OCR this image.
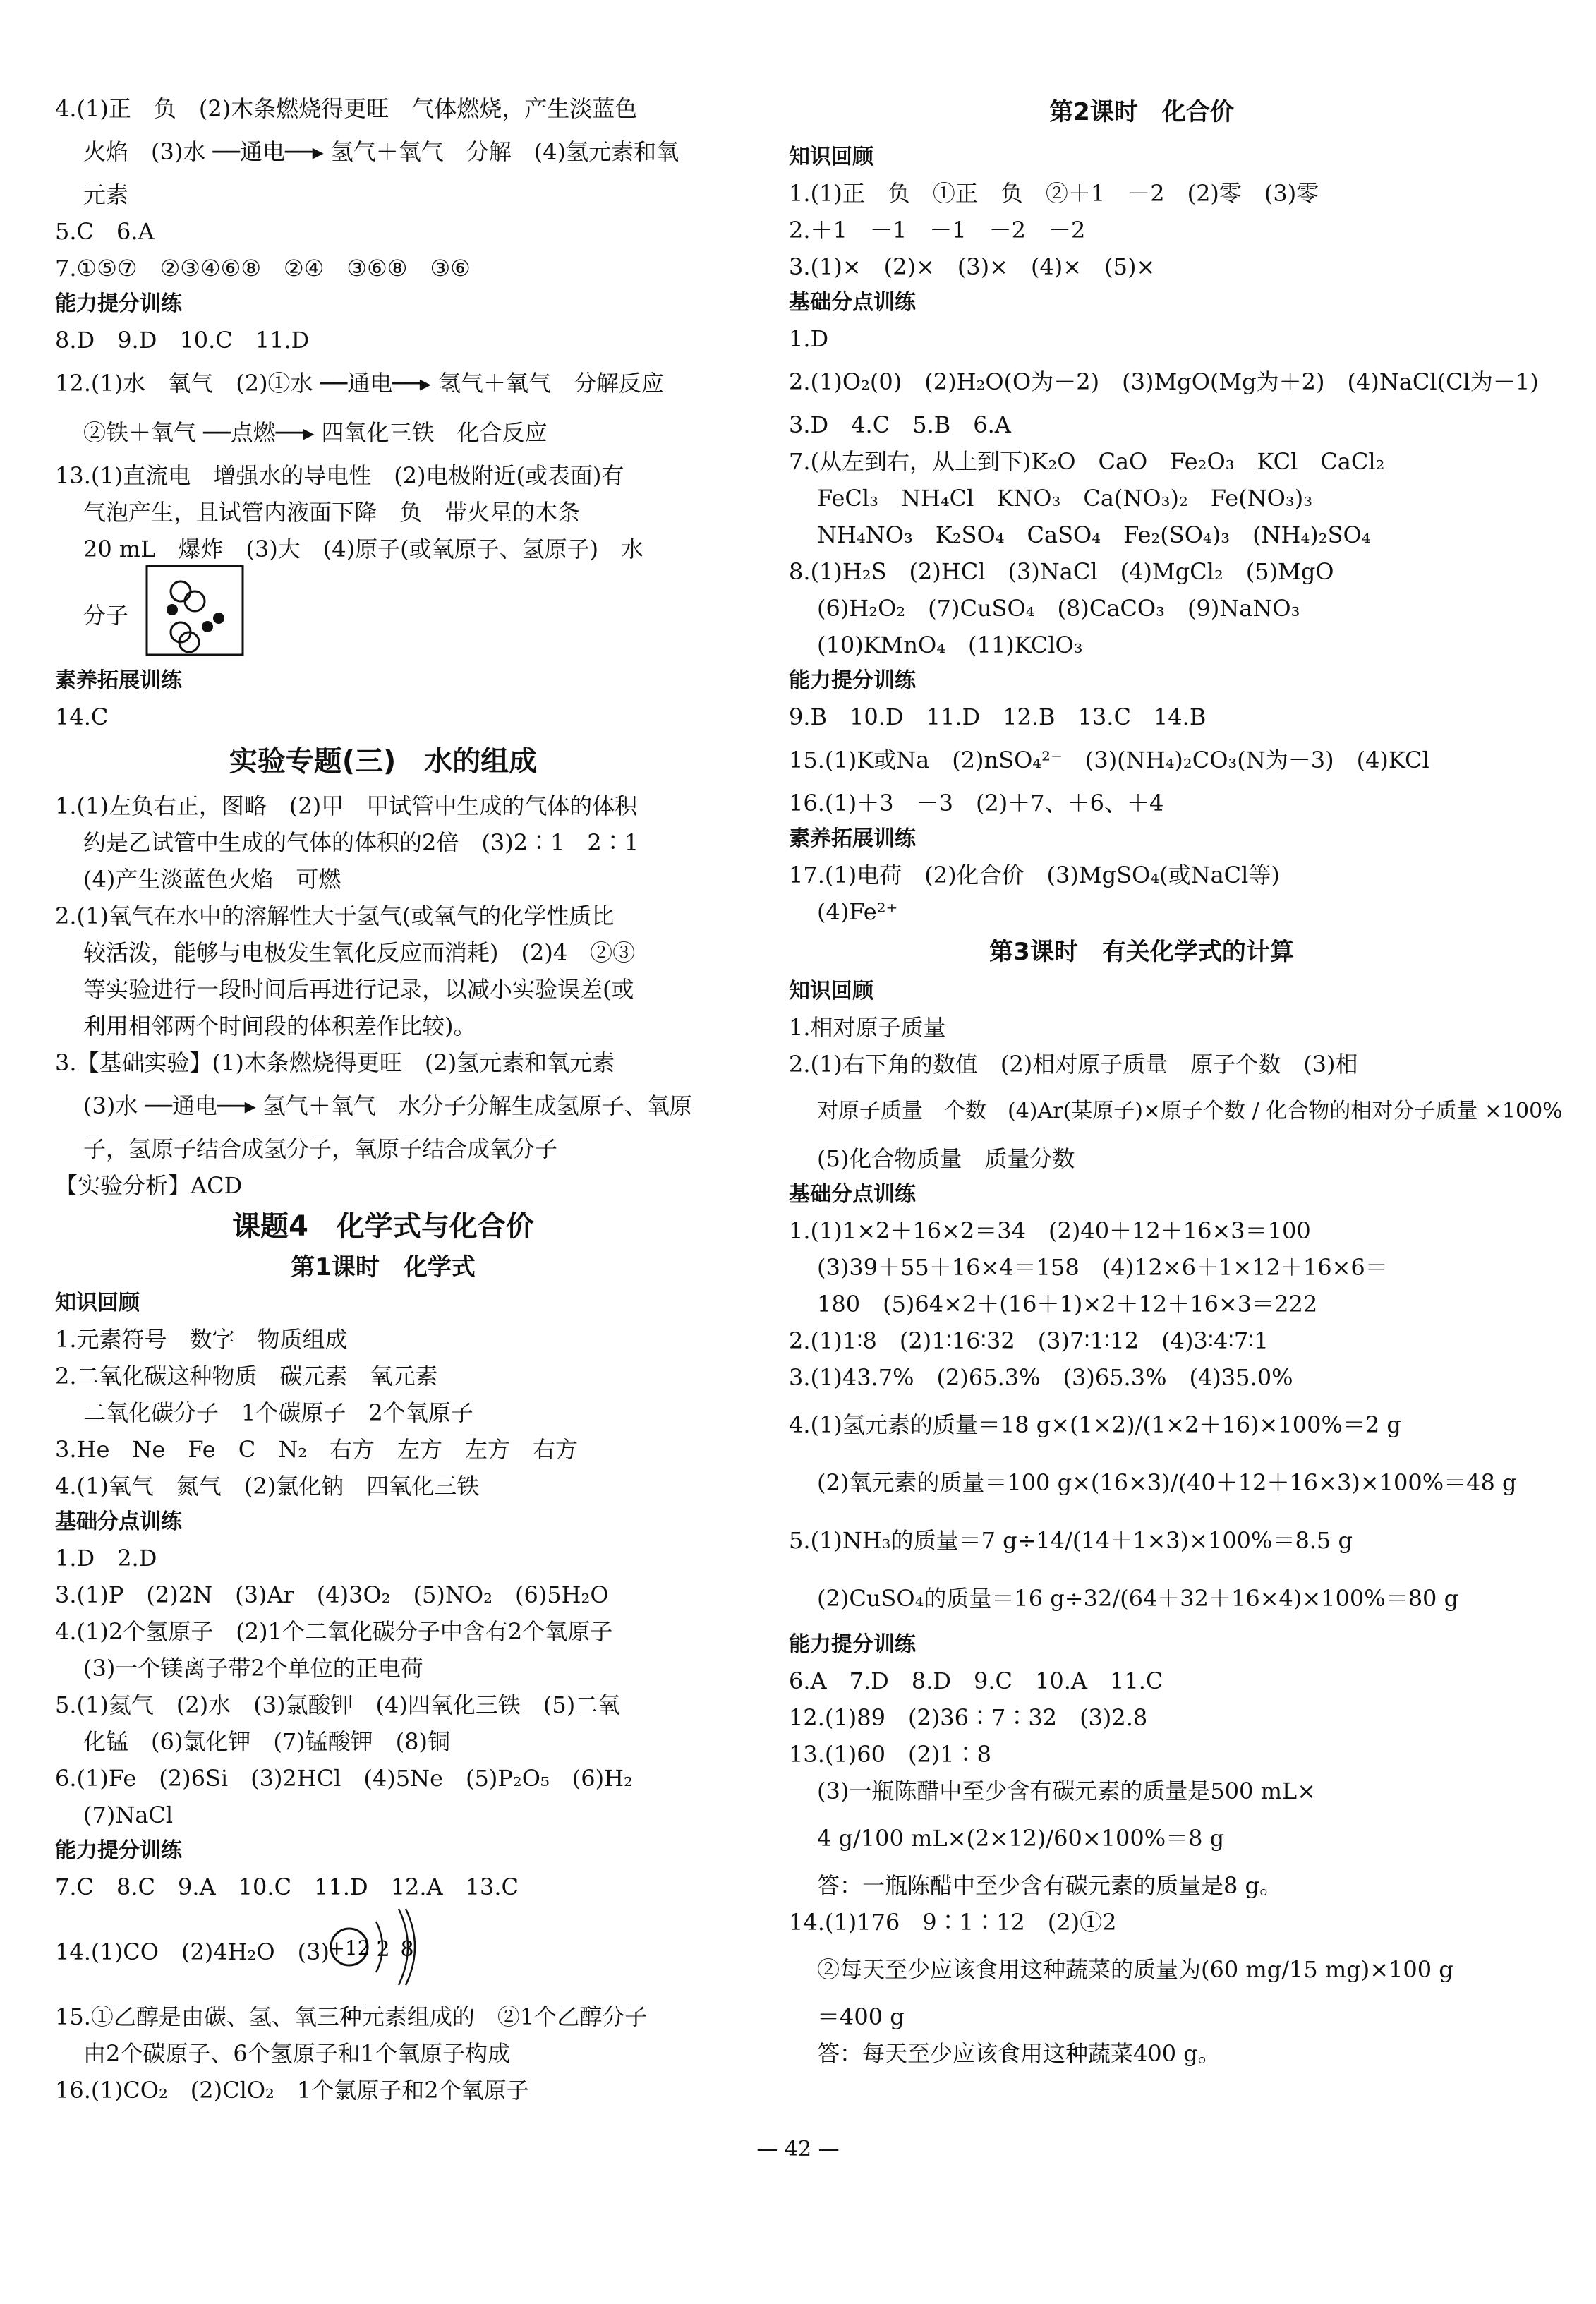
4.(1)正　负　(2)木条燃烧得更旺　气体燃烧，产生淡蓝色
火焰　(3)水 ──通电──▸ 氢气＋氧气　分解　(4)氢元素和氧
元素
5.C　6.A
7.①⑤⑦　②③④⑥⑧　②④　③⑥⑧　③⑥
能力提分训练
8.D　9.D　10.C　11.D
12.(1)水　氧气　(2)①水 ──通电──▸ 氢气＋氧气　分解反应
②铁＋氧气 ──点燃──▸ 四氧化三铁　化合反应
13.(1)直流电　增强水的导电性　(2)电极附近(或表面)有
气泡产生，且试管内液面下降　负　带火星的木条
20 mL　爆炸　(3)大　(4)原子(或氧原子、氢原子)　水
分子
素养拓展训练
14.C
实验专题(三)　水的组成
1.(1)左负右正，图略　(2)甲　甲试管中生成的气体的体积
约是乙试管中生成的气体的体积的2倍　(3)2∶1　2∶1
(4)产生淡蓝色火焰　可燃
2.(1)氧气在水中的溶解性大于氢气(或氧气的化学性质比
较活泼，能够与电极发生氧化反应而消耗)　(2)4　②③
等实验进行一段时间后再进行记录，以减小实验误差(或
利用相邻两个时间段的体积差作比较)。
3.【基础实验】(1)木条燃烧得更旺　(2)氢元素和氧元素
(3)水 ──通电──▸ 氢气＋氧气　水分子分解生成氢原子、氧原
子，氢原子结合成氢分子，氧原子结合成氧分子
【实验分析】ACD
课题4　化学式与化合价
第1课时　化学式
知识回顾
1.元素符号　数字　物质组成
2.二氧化碳这种物质　碳元素　氧元素
二氧化碳分子　1个碳原子　2个氧原子
3.He　Ne　Fe　C　N₂　右方　左方　左方　右方
4.(1)氧气　氮气　(2)氯化钠　四氧化三铁
基础分点训练
1.D　2.D
3.(1)P　(2)2N　(3)Ar　(4)3O₂　(5)NO₂　(6)5H₂O
4.(1)2个氢原子　(2)1个二氧化碳分子中含有2个氧原子
(3)一个镁离子带2个单位的正电荷
5.(1)氦气　(2)水　(3)氯酸钾　(4)四氧化三铁　(5)二氧
化锰　(6)氯化钾　(7)锰酸钾　(8)铜
6.(1)Fe　(2)6Si　(3)2HCl　(4)5Ne　(5)P₂O₅　(6)H₂
(7)NaCl
能力提分训练
7.C　8.C　9.A　10.C　11.D　12.A　13.C
14.(1)CO　(2)4H₂O　(3)
+12 2 8
15.①乙醇是由碳、氢、氧三种元素组成的　②1个乙醇分子
由2个碳原子、6个氢原子和1个氧原子构成
16.(1)CO₂　(2)ClO₂　1个氯原子和2个氧原子
第2课时　化合价
知识回顾
1.(1)正　负　①正　负　②＋1　－2　(2)零　(3)零
2.＋1　－1　－1　－2　－2
3.(1)×　(2)×　(3)×　(4)×　(5)×
基础分点训练
1.D
2.(1)O₂(0)　(2)H₂O(O为－2)　(3)MgO(Mg为＋2)　(4)NaCl(Cl为－1)
3.D　4.C　5.B　6.A
7.(从左到右，从上到下)K₂O　CaO　Fe₂O₃　KCl　CaCl₂
FeCl₃　NH₄Cl　KNO₃　Ca(NO₃)₂　Fe(NO₃)₃
NH₄NO₃　K₂SO₄　CaSO₄　Fe₂(SO₄)₃　(NH₄)₂SO₄
8.(1)H₂S　(2)HCl　(3)NaCl　(4)MgCl₂　(5)MgO
(6)H₂O₂　(7)CuSO₄　(8)CaCO₃　(9)NaNO₃
(10)KMnO₄　(11)KClO₃
能力提分训练
9.B　10.D　11.D　12.B　13.C　14.B
15.(1)K或Na　(2)nSO₄²⁻　(3)(NH₄)₂CO₃(N为－3)　(4)KCl
16.(1)＋3　－3　(2)＋7、＋6、＋4
素养拓展训练
17.(1)电荷　(2)化合价　(3)MgSO₄(或NaCl等)
(4)Fe²⁺
第3课时　有关化学式的计算
知识回顾
1.相对原子质量
2.(1)右下角的数值　(2)相对原子质量　原子个数　(3)相
对原子质量　个数　(4)Ar(某原子)×原子个数 ∕ 化合物的相对分子质量 ×100%
(5)化合物质量　质量分数
基础分点训练
1.(1)1×2＋16×2＝34　(2)40＋12＋16×3＝100
(3)39＋55＋16×4＝158　(4)12×6＋1×12＋16×6＝
180　(5)64×2＋(16＋1)×2＋12＋16×3＝222
2.(1)1∶8　(2)1∶16∶32　(3)7∶1∶12　(4)3∶4∶7∶1
3.(1)43.7%　(2)65.3%　(3)65.3%　(4)35.0%
4.(1)氢元素的质量＝18 g×(1×2)/(1×2＋16)×100%＝2 g
(2)氧元素的质量＝100 g×(16×3)/(40＋12＋16×3)×100%＝48 g
5.(1)NH₃的质量＝7 g÷14/(14＋1×3)×100%＝8.5 g
(2)CuSO₄的质量＝16 g÷32/(64＋32＋16×4)×100%＝80 g
能力提分训练
6.A　7.D　8.D　9.C　10.A　11.C
12.(1)89　(2)36∶7∶32　(3)2.8
13.(1)60　(2)1∶8
(3)一瓶陈醋中至少含有碳元素的质量是500 mL×
4 g/100 mL×(2×12)/60×100%＝8 g
答：一瓶陈醋中至少含有碳元素的质量是8 g。
14.(1)176　9∶1∶12　(2)①2
②每天至少应该食用这种蔬菜的质量为(60 mg/15 mg)×100 g
＝400 g
答：每天至少应该食用这种蔬菜400 g。
— 42 —
